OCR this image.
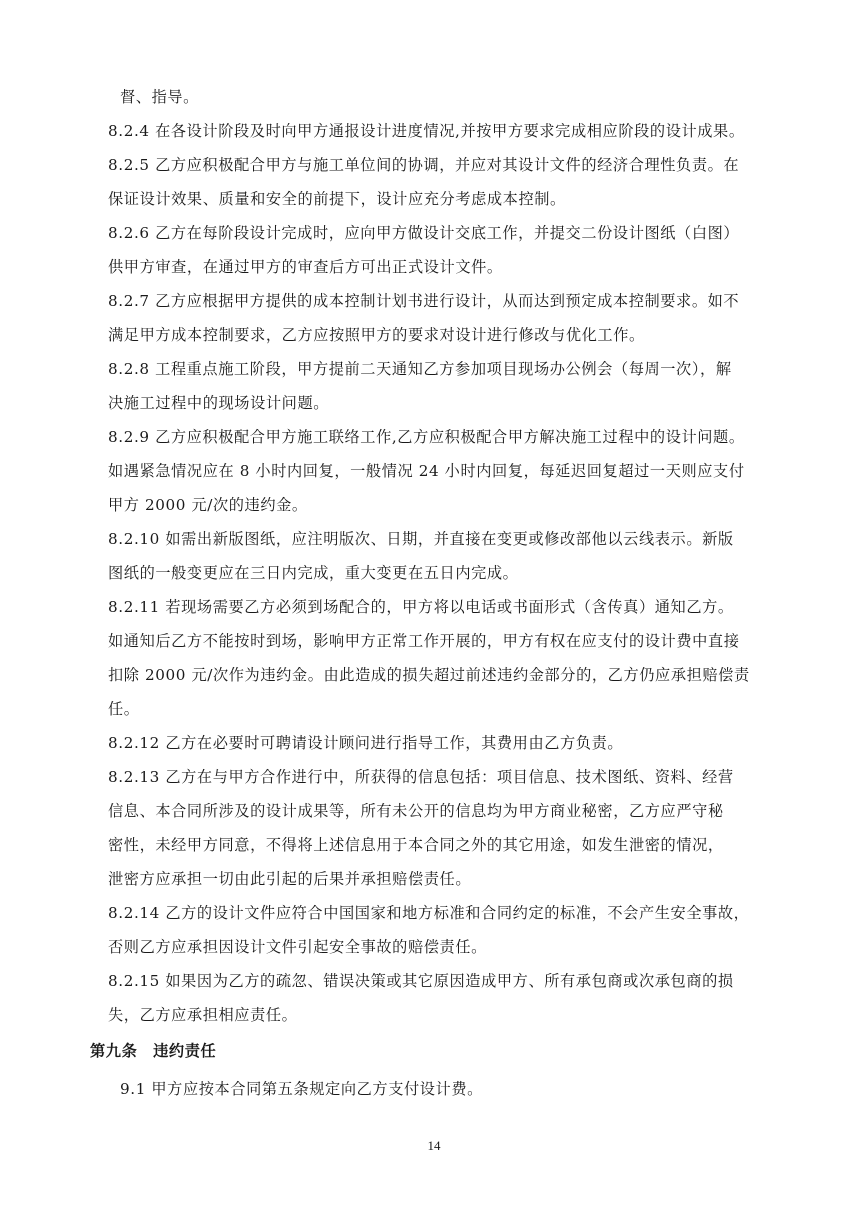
督、指导。
8.2.4 在各设计阶段及时向甲方通报设计进度情况,并按甲方要求完成相应阶段的设计成果。
8.2.5 乙方应积极配合甲方与施工单位间的协调，并应对其设计文件的经济合理性负责。在
保证设计效果、质量和安全的前提下，设计应充分考虑成本控制。
8.2.6 乙方在每阶段设计完成时，应向甲方做设计交底工作，并提交二份设计图纸（白图）
供甲方审查，在通过甲方的审查后方可出正式设计文件。
8.2.7 乙方应根据甲方提供的成本控制计划书进行设计，从而达到预定成本控制要求。如不
满足甲方成本控制要求，乙方应按照甲方的要求对设计进行修改与优化工作。
8.2.8 工程重点施工阶段，甲方提前二天通知乙方参加项目现场办公例会（每周一次），解
决施工过程中的现场设计问题。
8.2.9 乙方应积极配合甲方施工联络工作,乙方应积极配合甲方解决施工过程中的设计问题。
如遇紧急情况应在 8 小时内回复，一般情况 24 小时内回复，每延迟回复超过一天则应支付
甲方 2000 元/次的违约金。
8.2.10 如需出新版图纸，应注明版次、日期，并直接在变更或修改部他以云线表示。新版
图纸的一般变更应在三日内完成，重大变更在五日内完成。
8.2.11 若现场需要乙方必须到场配合的，甲方将以电话或书面形式（含传真）通知乙方。
如通知后乙方不能按时到场，影响甲方正常工作开展的，甲方有权在应支付的设计费中直接
扣除 2000 元/次作为违约金。由此造成的损失超过前述违约金部分的，乙方仍应承担赔偿责
任。
8.2.12 乙方在必要时可聘请设计顾问进行指导工作，其费用由乙方负责。
8.2.13 乙方在与甲方合作进行中，所获得的信息包括：项目信息、技术图纸、资料、经营
信息、本合同所涉及的设计成果等，所有未公开的信息均为甲方商业秘密，乙方应严守秘
密性，未经甲方同意，不得将上述信息用于本合同之外的其它用途，如发生泄密的情况，
泄密方应承担一切由此引起的后果并承担赔偿责任。
8.2.14 乙方的设计文件应符合中国国家和地方标准和合同约定的标准，不会产生安全事故，
否则乙方应承担因设计文件引起安全事故的赔偿责任。
8.2.15 如果因为乙方的疏忽、错误决策或其它原因造成甲方、所有承包商或次承包商的损
失，乙方应承担相应责任。
第九条　违约责任
9.1 甲方应按本合同第五条规定向乙方支付设计费。
14
